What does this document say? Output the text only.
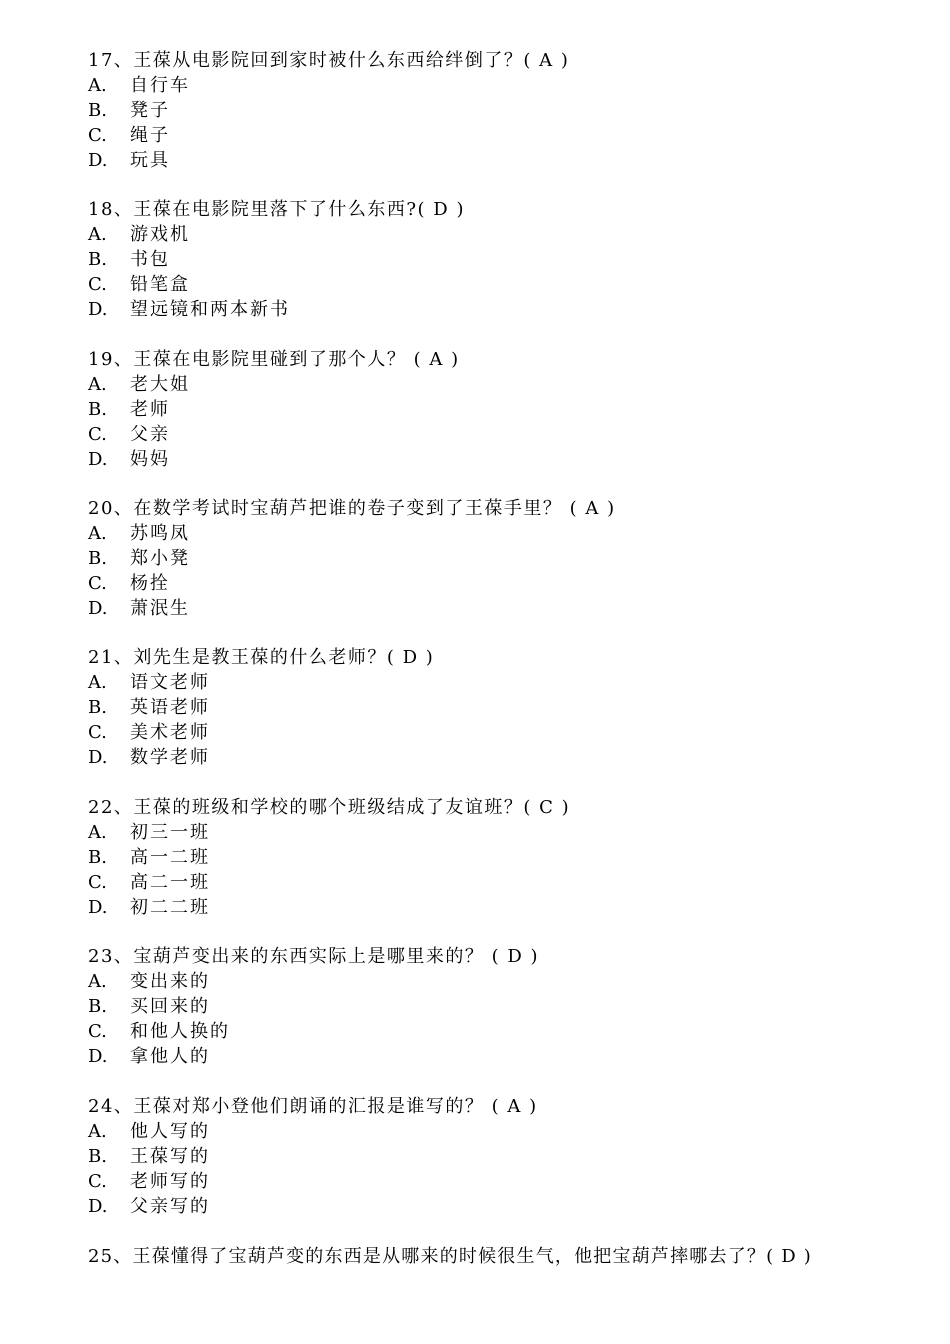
17、王葆从电影院回到家时被什么东西给绊倒了？( A )
A.	自行车
B.	凳子
C.	绳子
D.	玩具
18、王葆在电影院里落下了什么东西?( D )
A.	游戏机
B.	书包
C.	铅笔盒
D.	望远镜和两本新书
19、王葆在电影院里碰到了那个人？ ( A )
A.	老大姐
B.	老师
C.	父亲
D.	妈妈
20、在数学考试时宝葫芦把谁的卷子变到了王葆手里？ ( A )
A.	苏鸣凤
B.	郑小凳
C.	杨拴
D.	萧泯生
21、刘先生是教王葆的什么老师？( D )
A.	语文老师
B.	英语老师
C.	美术老师
D.	数学老师
22、王葆的班级和学校的哪个班级结成了友谊班？( C )
A.	初三一班
B.	高一二班
C.	高二一班
D.	初二二班
23、宝葫芦变出来的东西实际上是哪里来的？ ( D )
A.	变出来的
B.	买回来的
C.	和他人换的
D.	拿他人的
24、王葆对郑小登他们朗诵的汇报是谁写的？ ( A )
A.	他人写的
B.	王葆写的
C.	老师写的
D.	父亲写的
25、王葆懂得了宝葫芦变的东西是从哪来的时候很生气，他把宝葫芦摔哪去了？( D )
